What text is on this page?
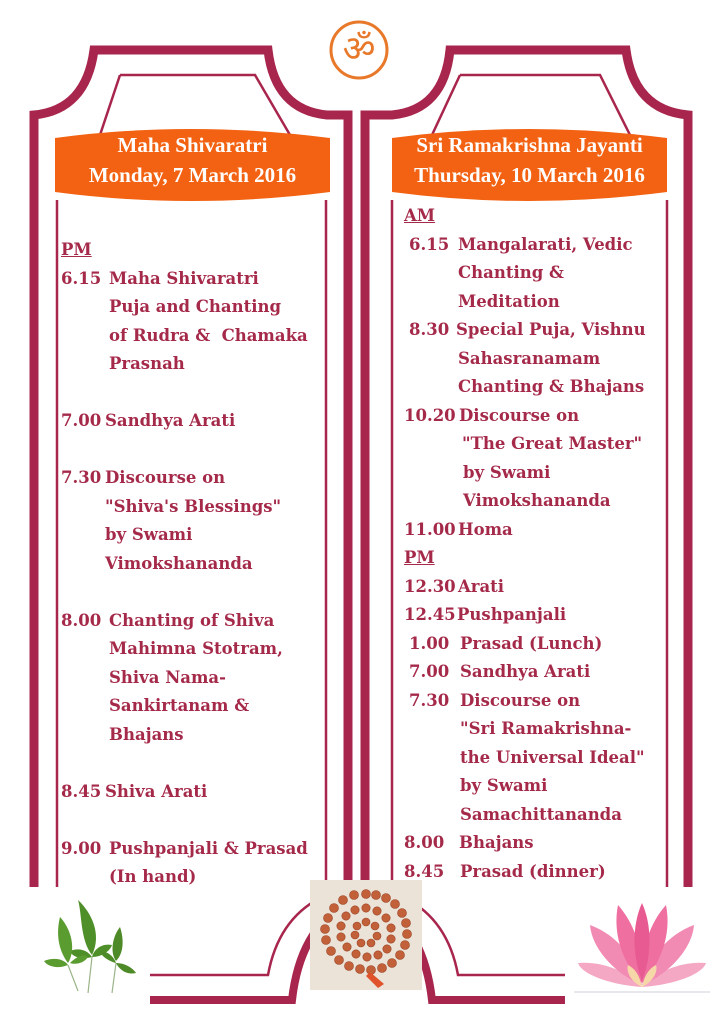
ॐ
Maha Shivaratri
Monday, 7 March 2016
Sri Ramakrishna Jayanti
Thursday, 10 March 2016
PM
6.15 Maha Shivaratri
Puja and Chanting
of Rudra &  Chamaka
Prasnah
7.00 Sandhya Arati
7.30 Discourse on
"Shiva's Blessings"
by Swami
Vimokshananda
8.00 Chanting of Shiva
Mahimna Stotram,
Shiva Nama-
Sankirtanam &
Bhajans
8.45 Shiva Arati
9.00 Pushpanjali & Prasad
(In hand)
AM
6.15 Mangalarati, Vedic
Chanting &
Meditation
8.30 Special Puja, Vishnu
Sahasranamam
Chanting & Bhajans
10.20 Discourse on
"The Great Master"
by Swami
Vimokshananda
11.00 Homa
PM
12.30 Arati
12.45 Pushpanjali
1.00 Prasad (Lunch)
7.00 Sandhya Arati
7.30 Discourse on
"Sri Ramakrishna-
the Universal Ideal"
by Swami
Samachittananda
8.00 Bhajans
8.45 Prasad (dinner)
